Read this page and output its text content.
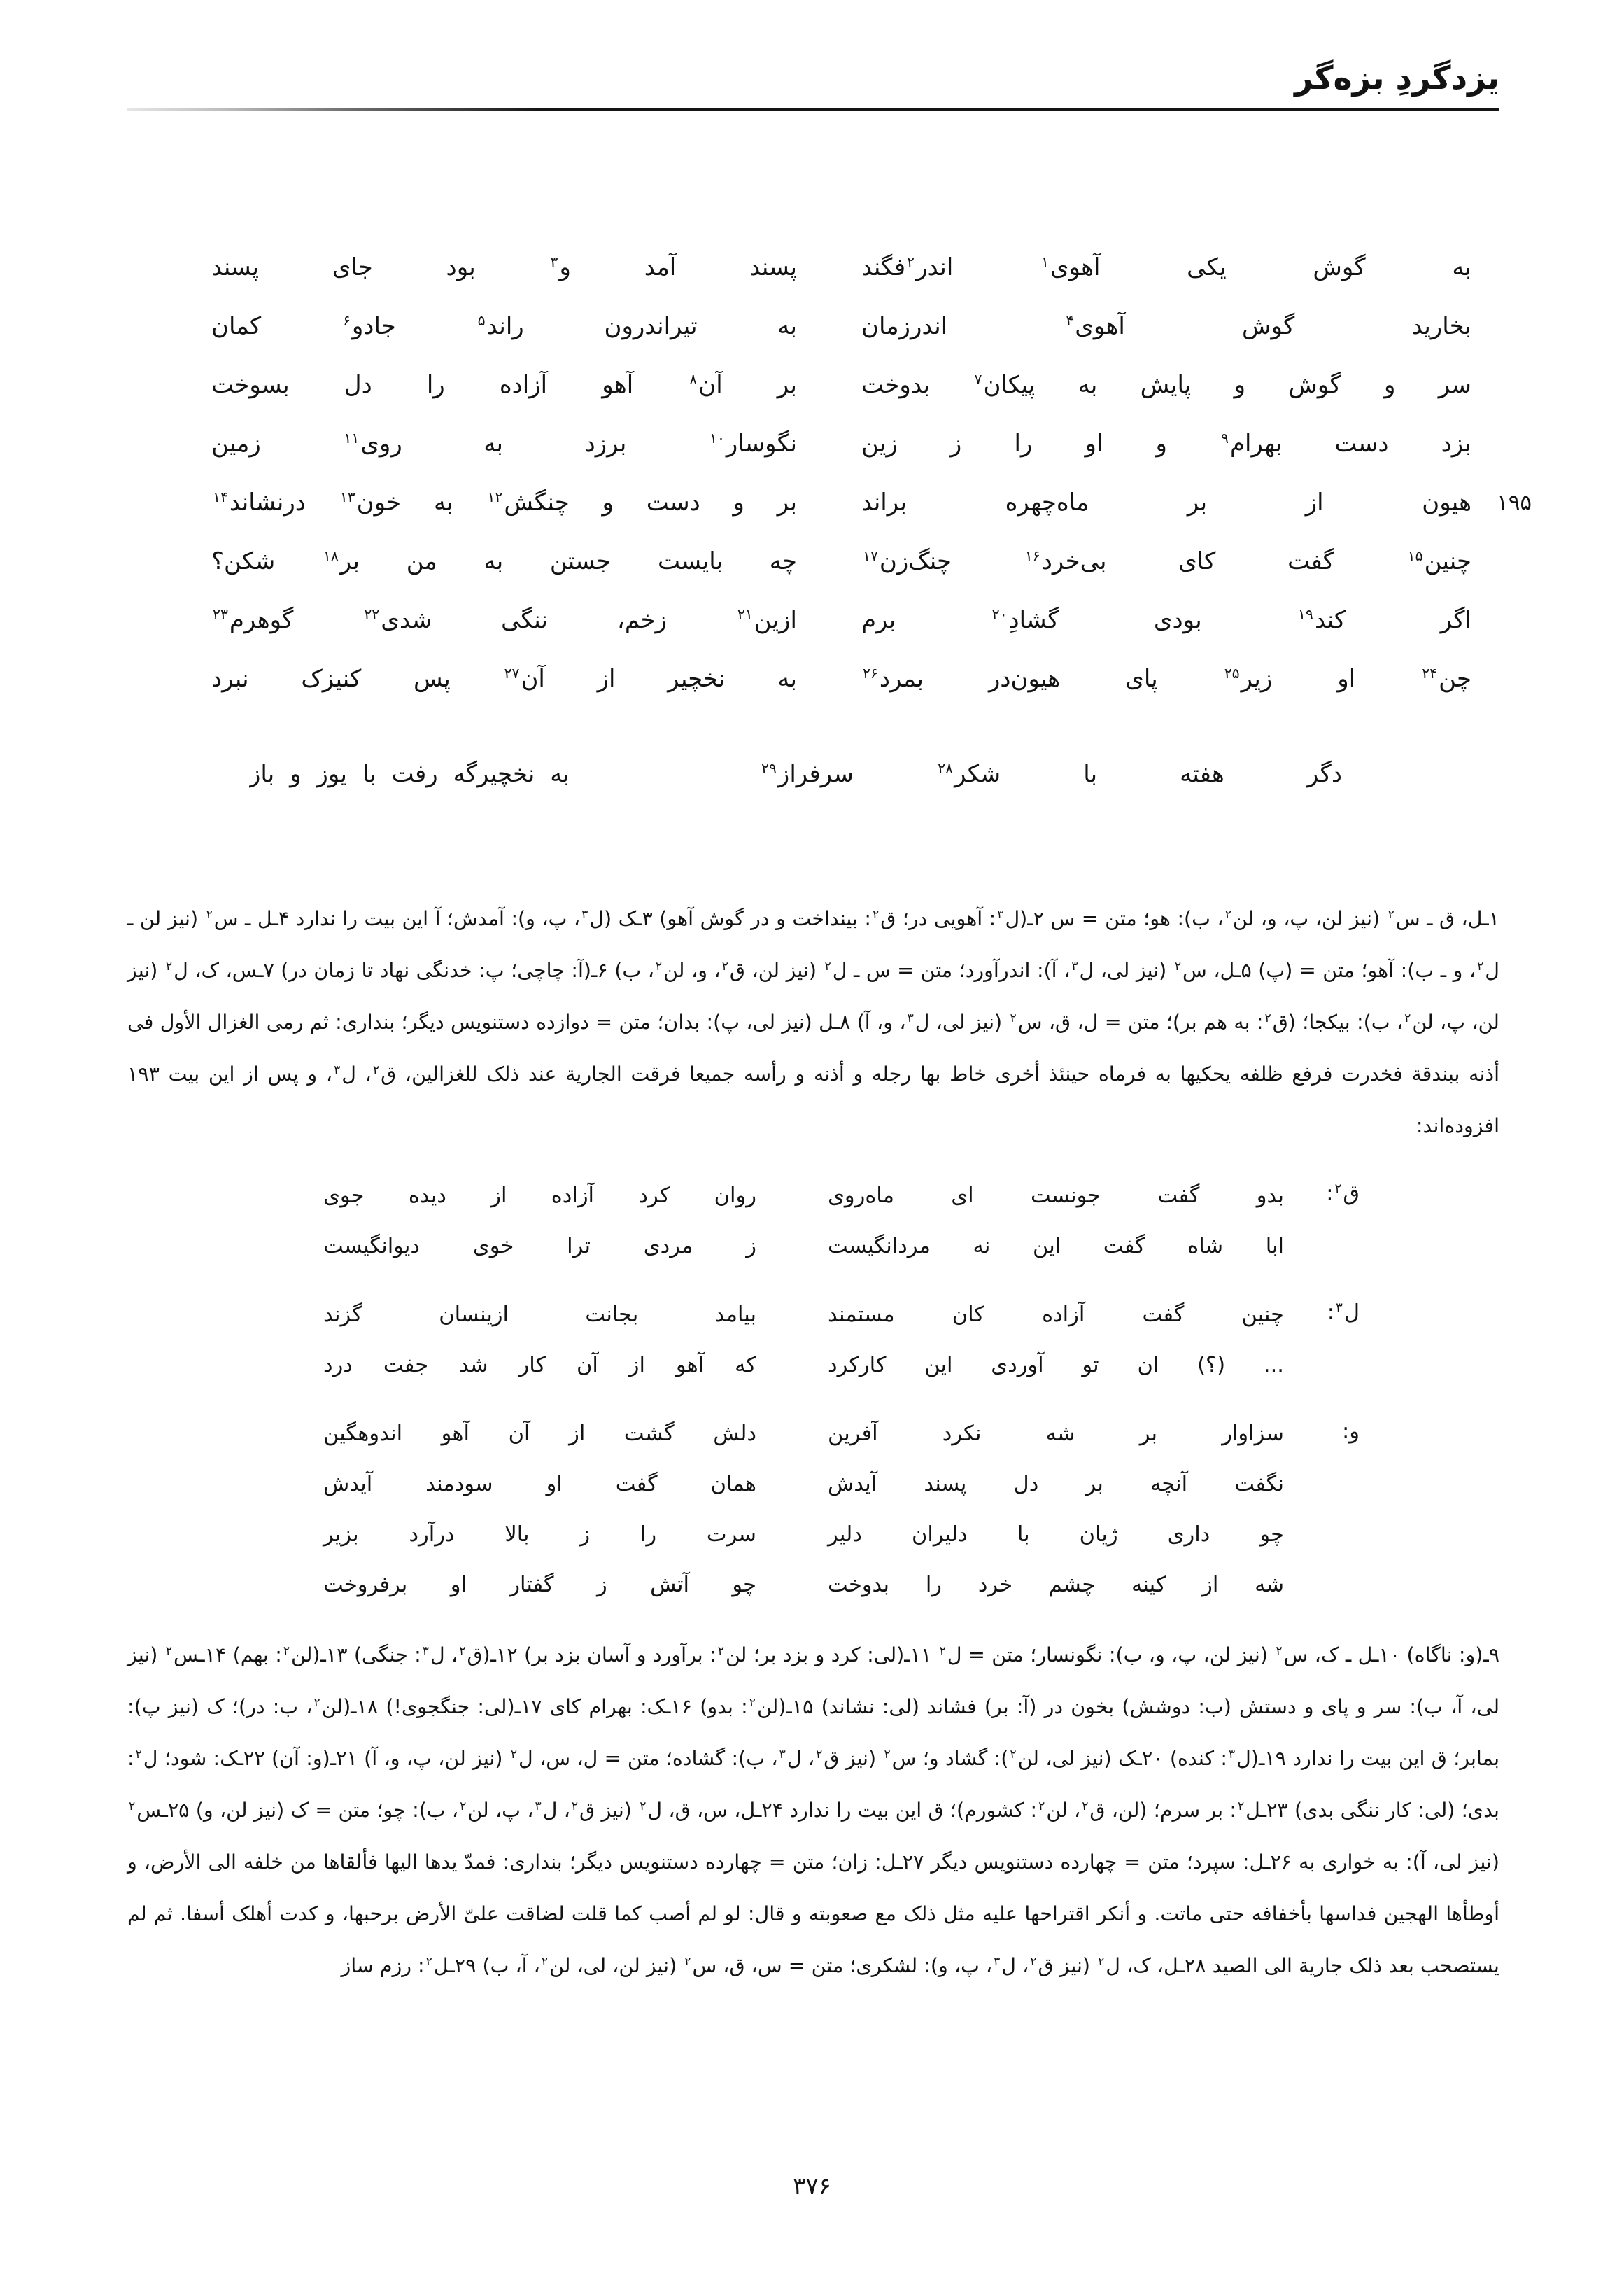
یزدگردِ بزه‌گر
به گوش یکی آهوی$^۱$ اندر$^۲$فگند
پسند آمد و$^۳$ بود جای پسند
بخارید گوش آهوی$^۴$ اندرزمان
به تیراندرون راند$^۵$ جادو$^۶$ کمان
سر و گوش و پایش به پیکان$^۷$ بدوخت
بر آن$^۸$ آهو آزاده را دل بسوخت
بزد دست بهرام$^۹$ و او را ز زین
نگوسار$^{۱۰}$ برزد به روی$^{۱۱}$ زمین
۱۹۵
هیون از بر ماه‌چهره براند
بر و دست و چنگش$^{۱۲}$ به خون$^{۱۳}$ درنشاند$^{۱۴}$
چنین$^{۱۵}$ گفت کای بی‌خرد$^{۱۶}$ چنگ‌زن$^{۱۷}$
چه بایست جستن به من بر$^{۱۸}$ شکن؟
اگر کند$^{۱۹}$ بودی گشادِ$^{۲۰}$ برم
ازین$^{۲۱}$ زخم، ننگی شدی$^{۲۲}$ گوهرم$^{۲۳}$
چن$^{۲۴}$ او زیر$^{۲۵}$ پای هیون‌در بمرد$^{۲۶}$
به نخچیر از آن$^{۲۷}$ پس کنیزک نبرد
دگر هفته با شکر$^{۲۸}$ سرفراز$^{۲۹}$
به نخچیرگه رفت با یوز و باز

۱ـل، ق ـ س$^۲$ (نیز لن، پ، و، لن$^۲$، ب): هو؛ متن = س ۲ـ(ل$^۳$: آهویی در؛ ق$^۲$: بینداخت و در گوش آهو) ۳ـک (ل$^۳$، پ، و): آمدش؛ آ این بیت را ندارد ۴ـل ـ س$^۲$ (نیز لن ـ ل$^۲$، و ـ ب): آهو؛ متن = (پ) ۵ـل، س$^۲$ (نیز لی، ل$^۳$، آ): اندرآورد؛ متن = س ـ ل$^۲$ (نیز لن، ق$^۲$، و، لن$^۲$، ب) ۶ـ(آ: چاچی؛ پ: خدنگی نهاد تا زمان در) ۷ـس، ک، ل$^۲$ (نیز لن، پ، لن$^۲$، ب): بیکجا؛ (ق$^۲$: به هم بر)؛ متن = ل، ق، س$^۲$ (نیز لی، ل$^۳$، و، آ) ۸ـل (نیز لی، پ): بدان؛ متن = دوازده دستنویس دیگر؛ بنداری: ثم رمی الغزال الأول فی أذنه ببندقة فخدرت فرفع ظلفه یحکیها به فرماه حینئذ أخری خاط بها رجله و أذنه و رأسه جمیعا فرقت الجاریة عند ذلک للغزالین، ق$^۲$، ل$^۳$، و پس از این بیت ۱۹۳ افزوده‌اند:

ق$^۲$:
بدو گفت جونست ای ماه‌روی
روان کرد آزاده از دیده جوی
ابا شاه گفت این نه مردانگیست
ز مردی ترا خوی دیوانگیست
ل$^۳$:
چنین گفت آزاده کان مستمند
بیامد بجانت ازینسان گزند
... (؟) ان تو آوردی این کارکرد
که آهو از آن کار شد جفت درد
و:
سزاوار بر شه نکرد آفرین
دلش گشت از آن آهو اندوهگین
نگفت آنچه بر دل پسند آیدش
همان گفت او سودمند آیدش
چو داری ژیان با دلیران دلیر
سرت را ز بالا درآرد بزیر
شه از کینه چشم خرد را بدوخت
چو آتش ز گفتار او برفروخت

۹ـ(و: ناگاه) ۱۰ـل ـ ک، س$^۲$ (نیز لن، پ، و، ب): نگونسار؛ متن = ل$^۲$ ۱۱ـ(لی: کرد و بزد بر؛ لن$^۲$: برآورد و آسان بزد بر) ۱۲ـ(ق$^۲$، ل$^۳$: جنگی) ۱۳ـ(لن$^۲$: بهم) ۱۴ـس$^۲$ (نیز لی، آ، ب): سر و پای و دستش (ب: دوشش) بخون در (آ: بر) فشاند (لی: نشاند) ۱۵ـ(لن$^۲$: بدو) ۱۶ـک: بهرام کای ۱۷ـ(لی: جنگجوی!) ۱۸ـ(لن$^۲$، ب: در)؛ ک (نیز پ): بمابر؛ ق این بیت را ندارد ۱۹ـ(ل$^۳$: کنده) ۲۰ـک (نیز لی، لن$^۲$): گشاد و؛ س$^۲$ (نیز ق$^۲$، ل$^۳$، ب): گشاده؛ متن = ل، س، ل$^۲$ (نیز لن، پ، و، آ) ۲۱ـ(و: آن) ۲۲ـک: شود؛ ل$^۲$: بدی؛ (لی: کار ننگی بدی) ۲۳ـل$^۲$: بر سرم؛ (لن، ق$^۲$، لن$^۲$: کشورم)؛ ق این بیت را ندارد ۲۴ـل، س، ق، ل$^۲$ (نیز ق$^۲$، ل$^۳$، پ، لن$^۲$، ب): چو؛ متن = ک (نیز لن، و) ۲۵ـس$^۲$ (نیز لی، آ): به خواری به ۲۶ـل: سپرد؛ متن = چهارده دستنویس دیگر ۲۷ـل: زان؛ متن = چهارده دستنویس دیگر؛ بنداری: فمدّ یدها الیها فألقاها من خلفه الی الأرض، و أوطأها الهجین فداسها بأخفافه حتی ماتت. و أنکر اقتراحها علیه مثل ذلک مع صعوبته و قال: لو لم أصب کما قلت لضاقت علیّ الأرض برحبها، و کدت أهلک أسفا. ثم لم یستصحب بعد ذلک جاریة الی الصید ۲۸ـل، ک، ل$^۲$ (نیز ق$^۲$، ل$^۳$، پ، و): لشکری؛ متن = س، ق، س$^۲$ (نیز لن، لی، لن$^۲$، آ، ب) ۲۹ـل$^۲$: رزم ساز

۳۷۶
